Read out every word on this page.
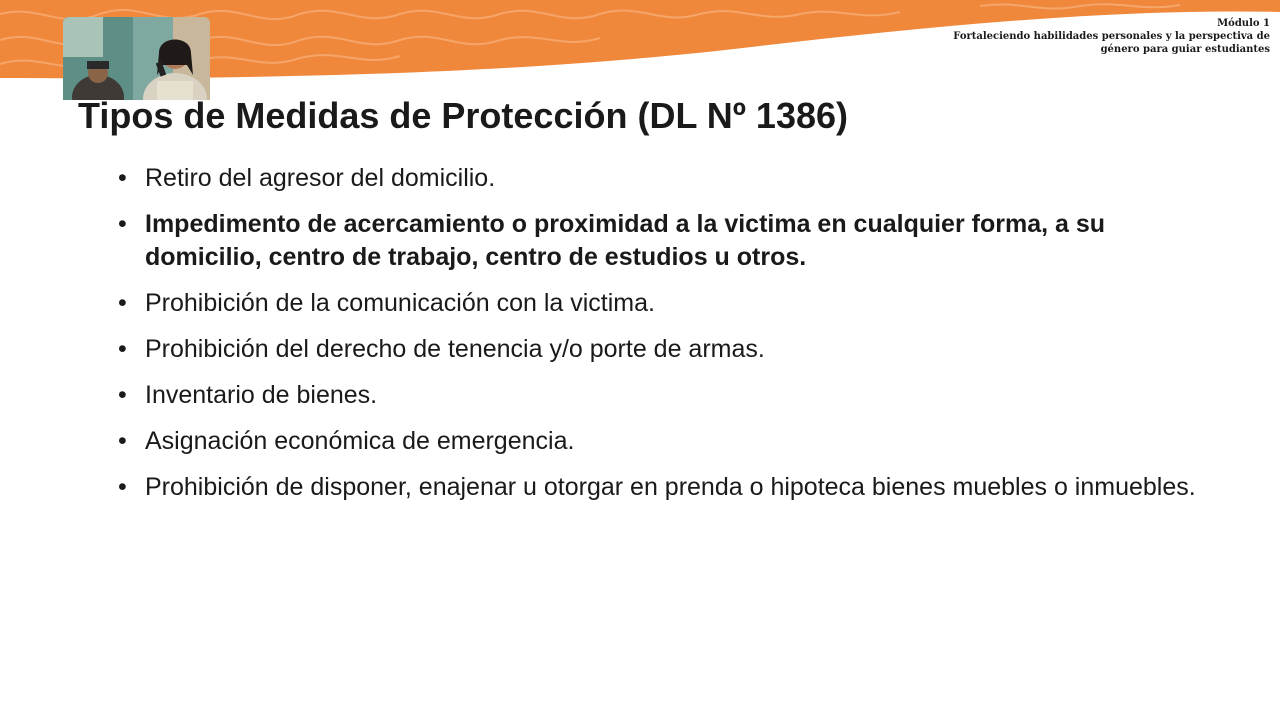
Módulo 1
Fortaleciendo habilidades personales y la perspectiva de
género para guiar estudiantes
Tipos de Medidas de Protección (DL Nº 1386)
• Retiro del agresor del domicilio.
• Impedimento de acercamiento o proximidad a la victima en cualquier forma, a su domicilio, centro de trabajo, centro de estudios u otros.
• Prohibición de la comunicación con la victima.
• Prohibición del derecho de tenencia y/o porte de armas.
• Inventario de bienes.
• Asignación económica de emergencia.
• Prohibición de disponer, enajenar u otorgar en prenda o hipoteca bienes muebles o inmuebles.
